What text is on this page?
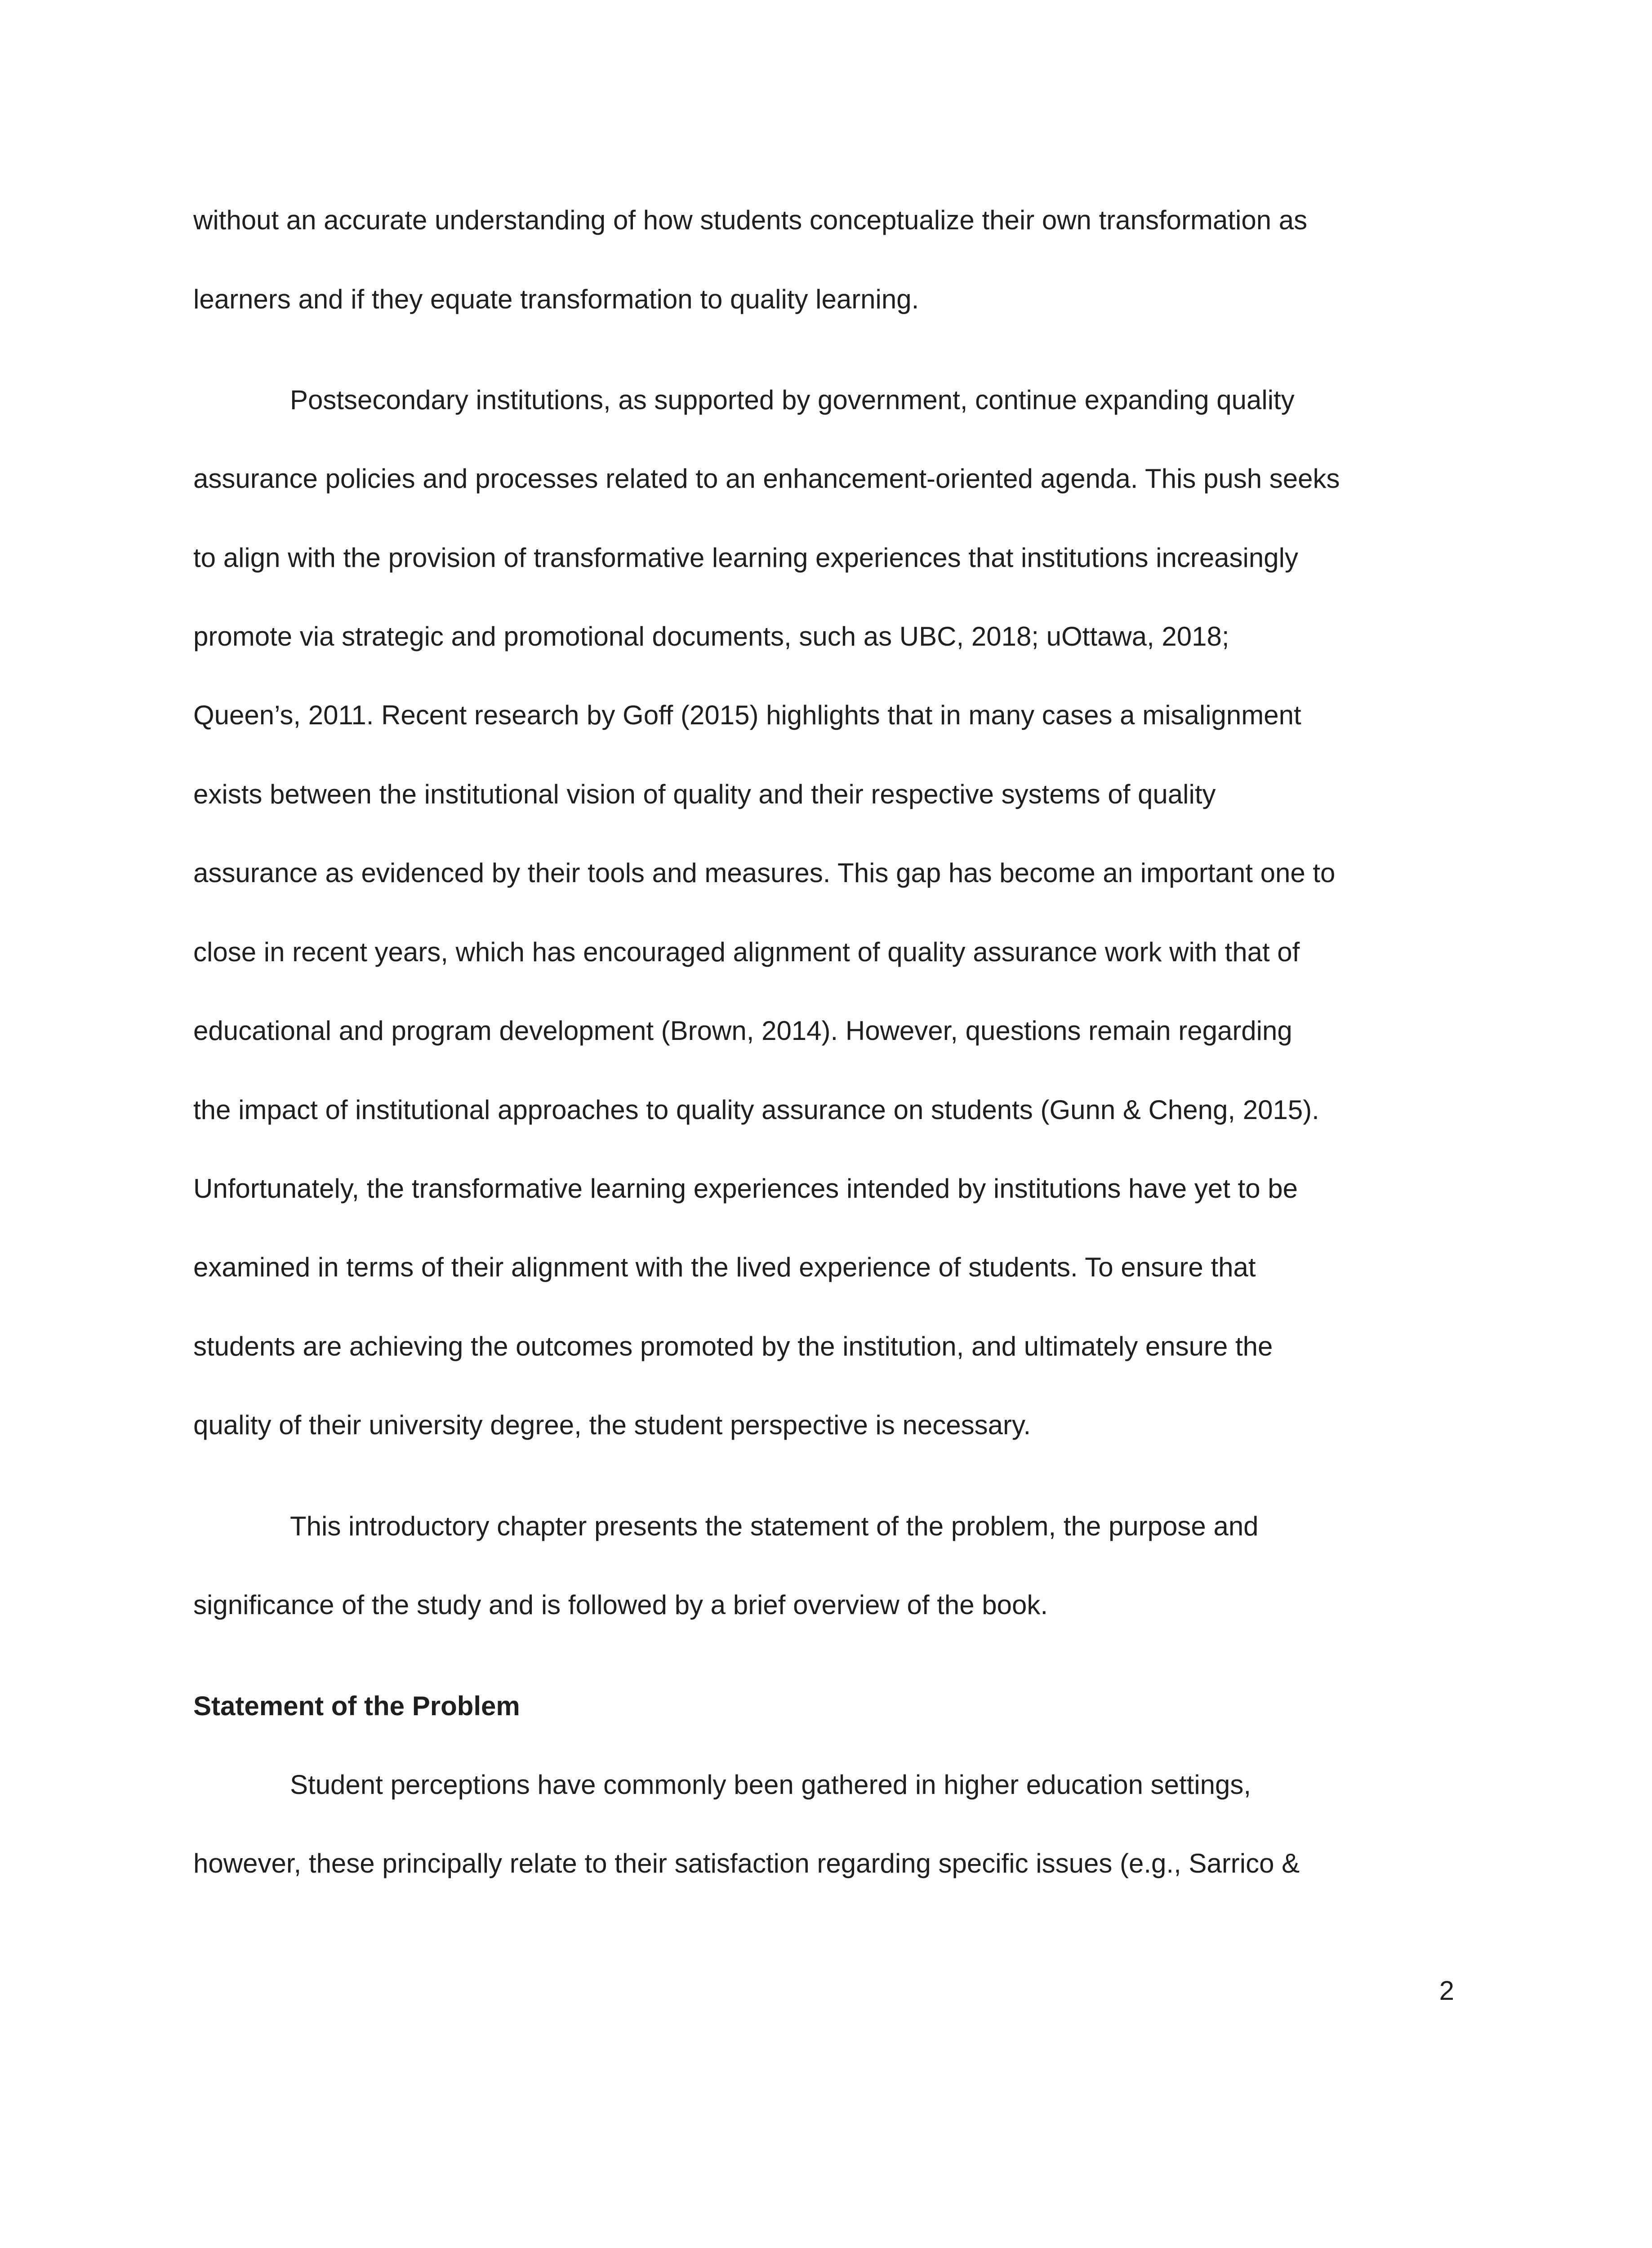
without an accurate understanding of how students conceptualize their own transformation as

learners and if they equate transformation to quality learning.

Postsecondary institutions, as supported by government, continue expanding quality

assurance policies and processes related to an enhancement-oriented agenda. This push seeks

to align with the provision of transformative learning experiences that institutions increasingly

promote via strategic and promotional documents, such as UBC, 2018; uOttawa, 2018;

Queen’s, 2011. Recent research by Goff (2015) highlights that in many cases a misalignment

exists between the institutional vision of quality and their respective systems of quality

assurance as evidenced by their tools and measures. This gap has become an important one to

close in recent years, which has encouraged alignment of quality assurance work with that of

educational and program development (Brown, 2014). However, questions remain regarding

the impact of institutional approaches to quality assurance on students (Gunn & Cheng, 2015).

Unfortunately, the transformative learning experiences intended by institutions have yet to be

examined in terms of their alignment with the lived experience of students. To ensure that

students are achieving the outcomes promoted by the institution, and ultimately ensure the

quality of their university degree, the student perspective is necessary.

This introductory chapter presents the statement of the problem, the purpose and

significance of the study and is followed by a brief overview of the book.

Statement of the Problem

Student perceptions have commonly been gathered in higher education settings,

however, these principally relate to their satisfaction regarding specific issues (e.g., Sarrico &

2
